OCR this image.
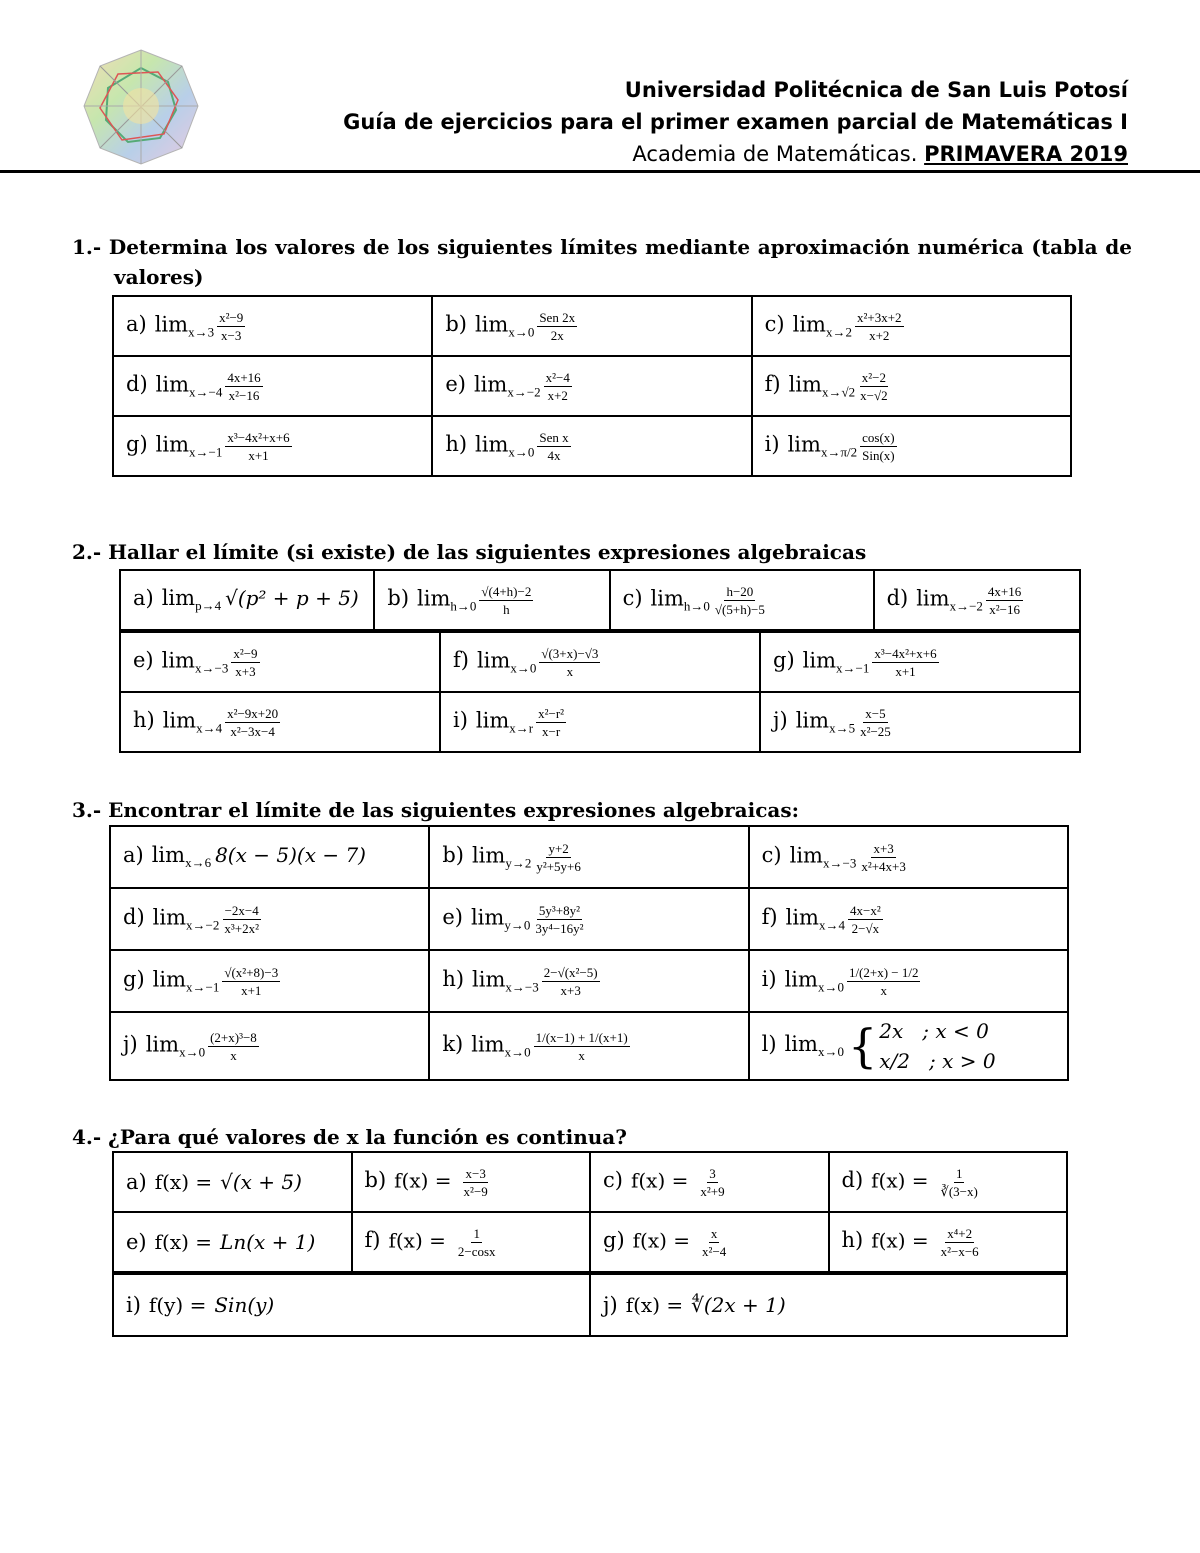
Universidad Politécnica de San Luis Potosí
Guía de ejercicios para el primer examen parcial de Matemáticas I
Academia de Matemáticas. PRIMAVERA 2019
1.- Determina los valores de los siguientes límites mediante aproximación numérica (tabla de
valores)
a) $\lim_{x\to 3} \frac{\text{x²−9}}{x-3}$	b) $\lim_{x\to 0} \frac{\text{Sen 2x}}{2x}$	c) $\lim_{x\to 2} \frac{\text{x²+3x+2}}{x+2}$

d) $\lim_{x\to-4} \frac{4x+16}{\text{x²−16}}$	e) $\lim_{x\to-2} \frac{\text{x²−4}}{x+2}$	f) $\lim_{x\to√2} \frac{\text{x²−2}}{x-√2}$

g) $\lim_{x\to-1} \frac{\text{x³−4x²+x+6}}{x+1}$	h) $\lim_{x\to 0} \frac{\text{Sen x}}{4x}$	i) $\lim_{x\to\pi/2} \frac{\cos(x)}{\text{Sin(x)}}$
2.- Hallar el límite (si existe) de las siguientes expresiones algebraicas
a) $\lim_{p\to 4} √(p^2 + p + 5)$	b) $\lim_{h\to 0} \frac{√(4+h)-2}{h}$	c) $\lim_{h\to 0} \frac{h-20}{√(5+h)-5}$	d) $\lim_{x\to-2} \frac{4x+16}{\text{x²−16}}$
e) $\lim_{x\to-3} \frac{\text{x²−9}}{x+3}$	f) $\lim_{x\to 0} \frac{√(3+x)-√3}{x}$	g) $\lim_{x\to-1} \frac{\text{x³−4x²+x+6}}{x+1}$

h) $\lim_{x\to 4} \frac{\text{x²−9x+20}}{\text{x²−3x−4}}$	i) $\lim_{x\to r} \frac{\text{x²−r²}}{x-r}$	j) $\lim_{x\to 5} \frac{x-5}{\text{x²−25}}$
3.- Encontrar el límite de las siguientes expresiones algebraicas:
a) $\lim_{x\to 6} 8(x - 5)(x - 7)$	b) $\lim_{y\to 2} \frac{y+2}{\text{y²+5y+6}}$	c) $\lim_{x\to-3} \frac{x+3}{\text{x²+4x+3}}$

d) $\lim_{x\to-2} \frac{-2x-4}{\text{x³+2x²}}$	e) $\lim_{y\to 0} \frac{\text{5y³+8y²}}{\text{3y⁴−16y²}}$	f) $\lim_{x\to 4} \frac{\text{4x−x²}}{2-√x}$

g) $\lim_{x\to-1} \frac{\text{√(x²+8)−3}}{x+1}$	h) $\lim_{x\to-3} \frac{\text{2−√(x²−5)}}{x+3}$	i) $\lim_{x\to 0} \frac{1/(2+x) - 1/2}{x}$

j) $\lim_{x\to 0} \frac{\text{(2+x)³−8}}{x}$	k) $\lim_{x\to 0} \frac{1/(x-1) + 1/(x+1)}{x}$	l) $\lim_{x\to 0}$ { 2x   ; x < 0
x/2   ; x > 0
4.- ¿Para qué valores de x la función es continua?
a) f(x) = √(x + 5)	b) $f(x) = \frac{x-3}{\text{x²−9}}$	c) $f(x) = \frac{3}{\text{x²+9}}$	d) $f(x) = \frac{1}{∛(3-x)}$

e) f(x) = Ln(x + 1)	f) $f(x) = \frac{1}{2-\cos x}$	g) $f(x) = \frac{x}{\text{x²−4}}$	h) $f(x) = \frac{\text{x⁴+2}}{\text{x²−x−6}}$
i) f(y) = Sin(y)	j) f(x) = ∜(2x + 1)
